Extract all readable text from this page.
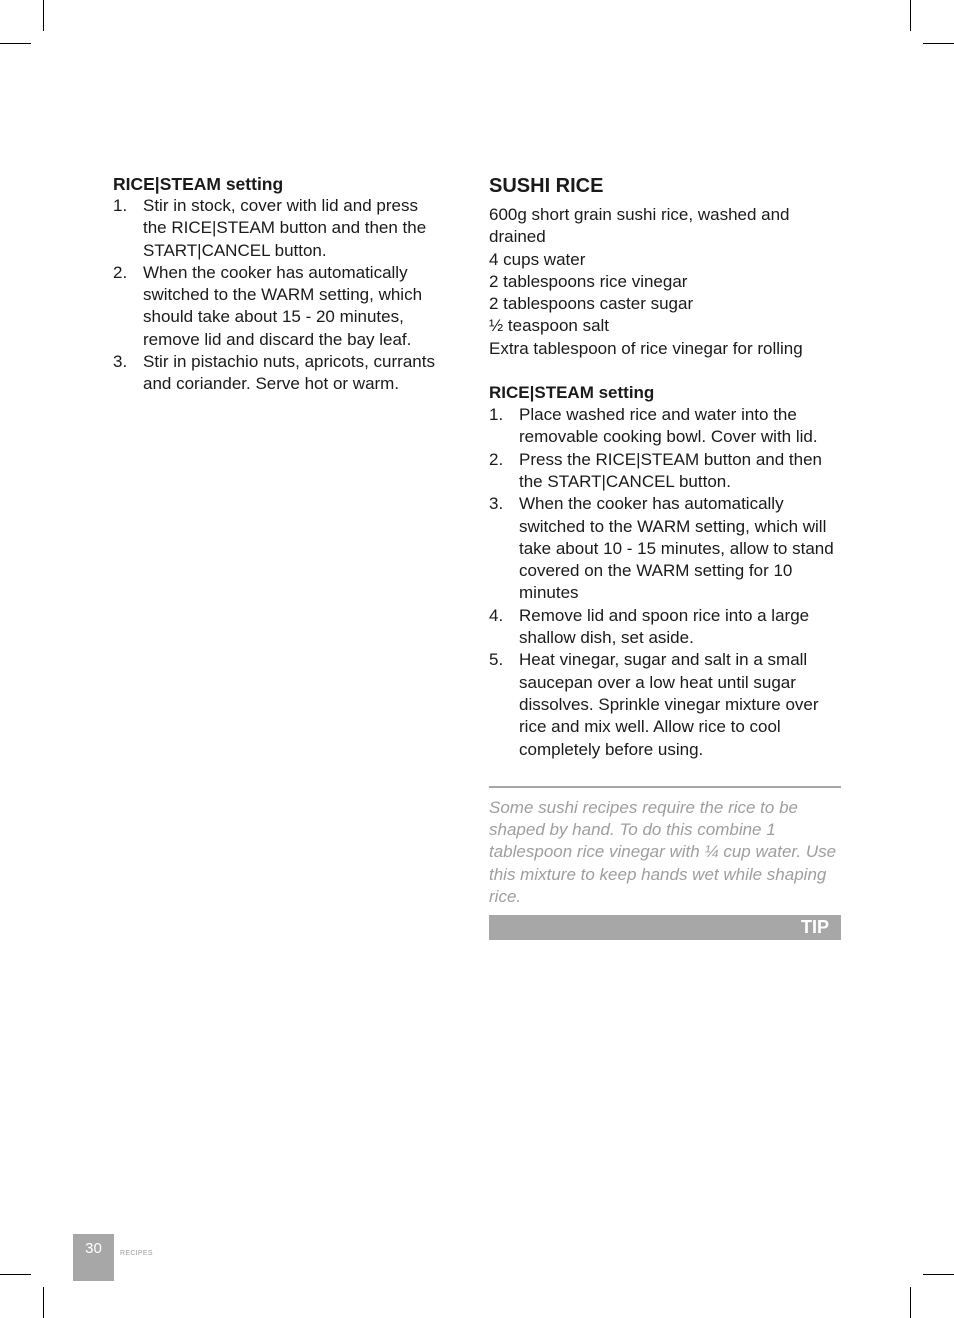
RICE|STEAM setting
1. Stir in stock, cover with lid and press the RICE|STEAM button and then the START|CANCEL button.
2. When the cooker has automatically switched to the WARM setting, which should take about 15 - 20 minutes, remove lid and discard the bay leaf.
3. Stir in pistachio nuts, apricots, currants and coriander. Serve hot or warm.
SUSHI RICE
600g short grain sushi rice, washed and drained
4 cups water
2 tablespoons rice vinegar
2 tablespoons caster sugar
½ teaspoon salt
Extra tablespoon of rice vinegar for rolling
RICE|STEAM setting
1. Place washed rice and water into the removable cooking bowl. Cover with lid.
2. Press the RICE|STEAM button and then the START|CANCEL button.
3. When the cooker has automatically switched to the WARM setting, which will take about 10 - 15 minutes, allow to stand covered on the WARM setting for 10 minutes
4. Remove lid and spoon rice into a large shallow dish, set aside.
5. Heat vinegar, sugar and salt in a small saucepan over a low heat until sugar dissolves. Sprinkle vinegar mixture over rice and mix well. Allow rice to cool completely before using.
Some sushi recipes require the rice to be shaped by hand. To do this combine 1 tablespoon rice vinegar with ¼ cup water. Use this mixture to keep hands wet while shaping rice.
TIP
30	RECIPES
